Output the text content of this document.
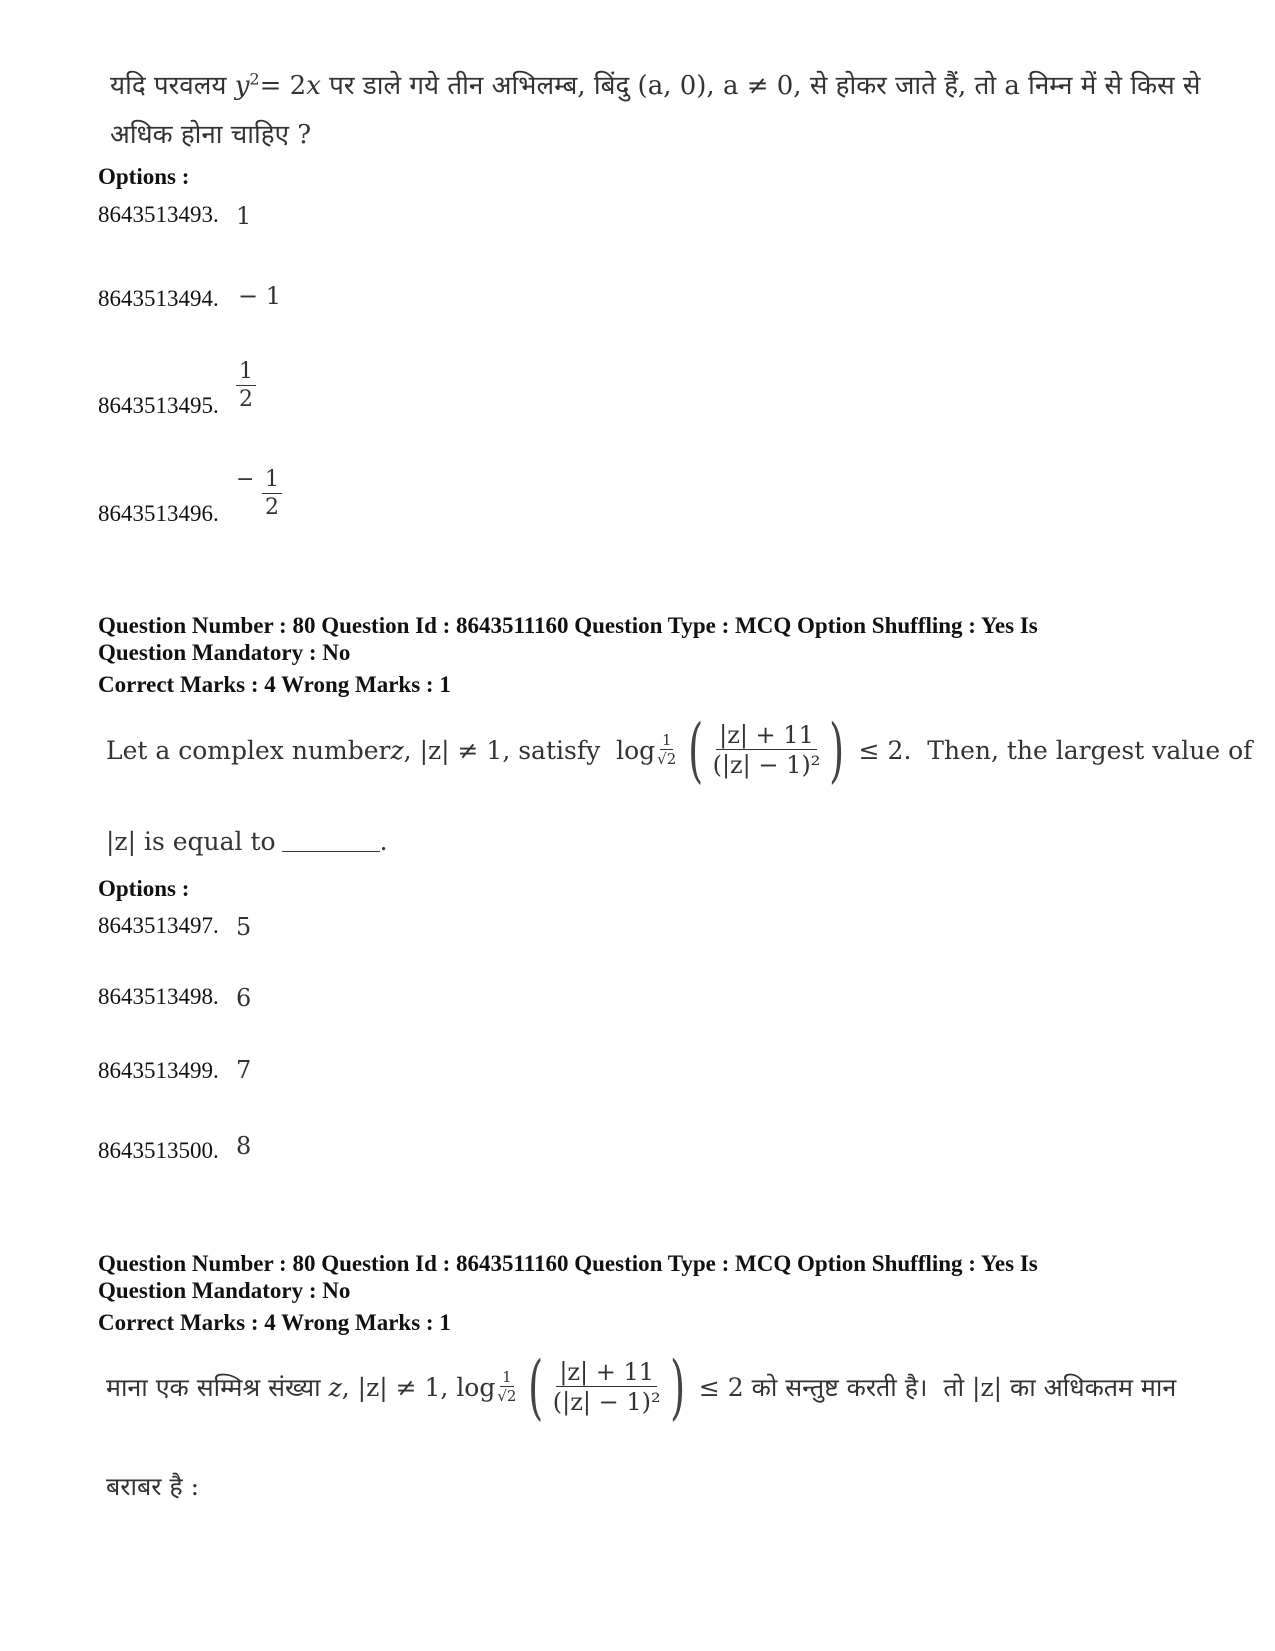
यदि परवलय $y^2= 2x$ पर डाले गये तीन अभिलम्ब, बिंदु (a, 0), a ≠ 0, से होकर जाते हैं, तो a निम्न में से किस से
अधिक होना चाहिए ?
Options :
8643513493. 1
8643513494. − 1
8643513495. $\frac{1}{2}$
8643513496.
− $\frac{1}{2}$
Question Number : 80 Question Id : 8643511160 Question Type : MCQ Option Shuffling : Yes Is
Question Mandatory : No
Correct Marks : 4 Wrong Marks : 1
Let a complex number z , |z| ≠ 1, satisfy  $\log \frac{1}{√2}$ ( $\frac{|z| + 11}{\text{(|z| − 1)²}}$ ) ≤ 2.  Then, the largest value of
|z| is equal to	.
Options :
8643513497. 5
8643513498. 6
8643513499. 7
8643513500. 8
Question Number : 80 Question Id : 8643511160 Question Type : MCQ Option Shuffling : Yes Is
Question Mandatory : No
Correct Marks : 4 Wrong Marks : 1
माना एक सम्मिश्र संख्या z , |z| ≠ 1, $\log \frac{1}{√2}$ ( $\frac{|z| + 11}{\text{(|z| − 1)²}}$ ) ≤ 2 को सन्तुष्ट करती है।  तो |z| का अधिकतम मान
बराबर है :
